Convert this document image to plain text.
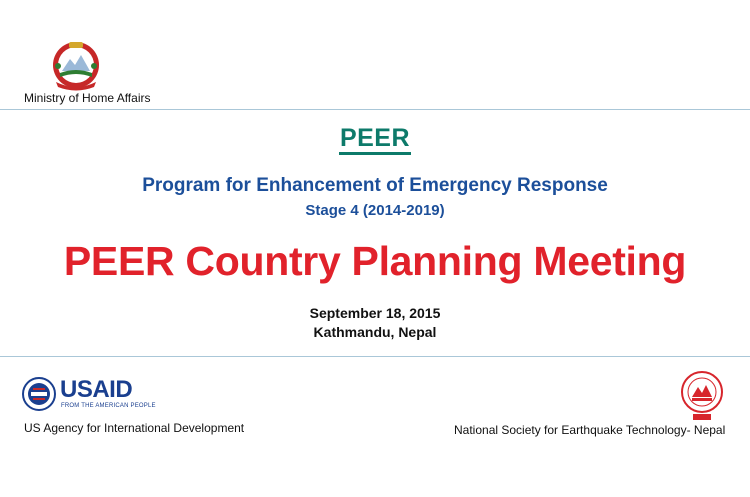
Ministry of Home Affairs
PEER
Program for Enhancement of Emergency Response
Stage 4 (2014-2019)
PEER Country Planning Meeting
September 18, 2015
Kathmandu, Nepal
USAID
FROM THE AMERICAN PEOPLE
US Agency for International Development	National Society for Earthquake Technology- Nepal
